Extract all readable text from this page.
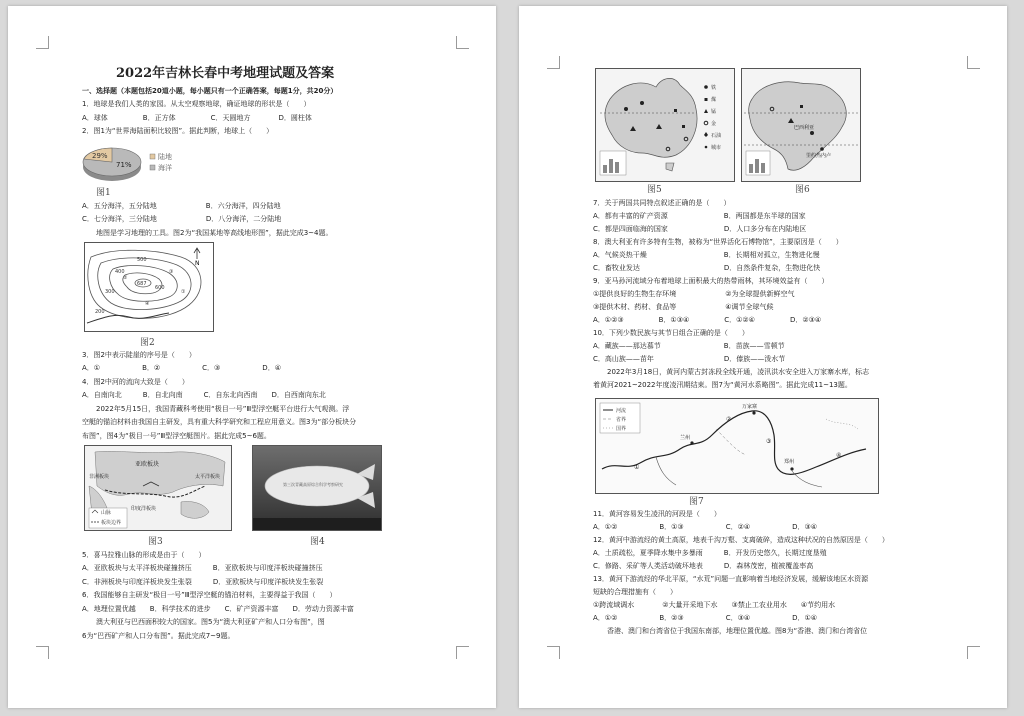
2022年吉林长春中考地理试题及答案
一、选择题（本题包括20道小题，每小题只有一个正确答案，每题1分，共20分）
1．地球是我们人类的家园。从太空观察地球，确证地球的形状是（　　）
A．球体　　　　　B．正方体　　　　　C．天圆地方　　　　D．圆柱体
2．图1为“世界海陆面积比较图”。据此判断，地球上（　　）
29%
71%
陆地
海洋
图1
A．五分海洋，五分陆地　　　　　　　B．六分海洋，四分陆地
C．七分海洋，三分陆地　　　　　　　D．八分海洋，二分陆地
　　地图是学习地理的工具。图2为“我国某地等高线地形图”，据此完成3~4题。
N
500
400
300
200
600
687
①
②
③
④
图2
3．图2中表示陡崖的序号是（　　）
A．①　　　　　　B．②　　　　　　C．③　　　　　　D．④
4．图2中河的流向大致是（　　）
A．自南向北　　　B．自北向南　　　C．自东北向西南　　D．自西南向东北
　　2022年5月15日，我国青藏科考使用“极目一号”Ⅲ型浮空艇平台进行大气观测。浮
空艇的锚泊材料由我国自主研发，具有重大科学研究和工程应用意义。图3为“部分板块分
布图”，图4为“极目一号”Ⅲ型浮空艇图片。据此完成5~6题。
亚欧板块
太平洋板块
印度洋板块
非洲板块
山脉
板块边界
图3
第三次青藏高原综合科学考察研究
图4
5．喜马拉雅山脉的形成是由于（　　）
A．亚欧板块与太平洋板块碰撞挤压　　　B．亚欧板块与印度洋板块碰撞挤压
C．非洲板块与印度洋板块发生张裂　　　D．亚欧板块与印度洋板块发生张裂
6．我国能够自主研发“极目一号”Ⅲ型浮空艇的锚泊材料，主要得益于我国（　　）
A．地理位置优越　　B．科学技术的进步　　C．矿产资源丰富　　D．劳动力资源丰富
　　澳大利亚与巴西面积较大的国家。图5为“澳大利亚矿产和人口分布图”，图
6为“巴西矿产和人口分布图”。据此完成7~9题。
铁
煤
锰
金
石油
城市
图5
巴西利亚
里约热内卢
图6
7．关于两国共同特点叙述正确的是（　　）
A．都有丰富的矿产资源　　　　　　　　B．两国都是东半球的国家
C．都是四面临海的国家　　　　　　　　D．人口多分布在内陆地区
8．澳大利亚有许多特有生物，被称为“世界活化石博物馆”，主要原因是（　　）
A．气候炎热干燥　　　　　　　　　　　B．长期相对孤立，生物进化慢
C．畜牧业发达　　　　　　　　　　　　D．自然条件复杂，生物进化快
9．亚马孙河流域分布着地球上面积最大的热带雨林，其环境效益有（　　）
①提供良好的生物生存环境　　　　　　　②为全球提供新鲜空气
③提供木材、药材、食品等　　　　　　　④调节全球气候
A．①②③　　　　　B．①③④　　　　　C．①②④　　　　　D．②③④
10．下列少数民族与其节日组合正确的是（　　）
A．藏族——那达慕节　　　　　　　　　B．苗族——雪顿节
C．高山族——苗年　　　　　　　　　　D．傣族——泼水节
　　2022年3月18日，黄河内蒙古封冻段全线开通，凌汛洪水安全进入万家寨水库，标志
着黄河2021~2022年度凌汛期结束。图7为“黄河水系略图”。据此完成11~13题。
河流
省界
国界
万家寨
兰州
郑州
①
②
③
④
图7
11．黄河容易发生凌汛的河段是（　　）
A．①②　　　　　　B．①③　　　　　　C．②④　　　　　　D．③④
12．黄河中游流经的黄土高原，地表千沟万壑、支离破碎，造成这种状况的自然原因是（　　）
A．土质疏松，夏季降水集中多暴雨　　　B．开发历史悠久，长期过度垦殖
C．修路、采矿等人类活动破坏地表　　　D．森林茂密，植被覆盖率高
13．黄河下游流经的华北平原，“水荒”问题一直影响着当地经济发展，缓解该地区水资源
短缺的合理措施有（　　）
①跨流域调水　　　　②大量开采地下水　　③禁止工农业用水　　④节约用水
A．①②　　　　　　B．②③　　　　　　C．③④　　　　　　D．①④
　　香港、澳门和台湾省位于我国东南部，地理位置优越。图8为“香港、澳门和台湾省位
